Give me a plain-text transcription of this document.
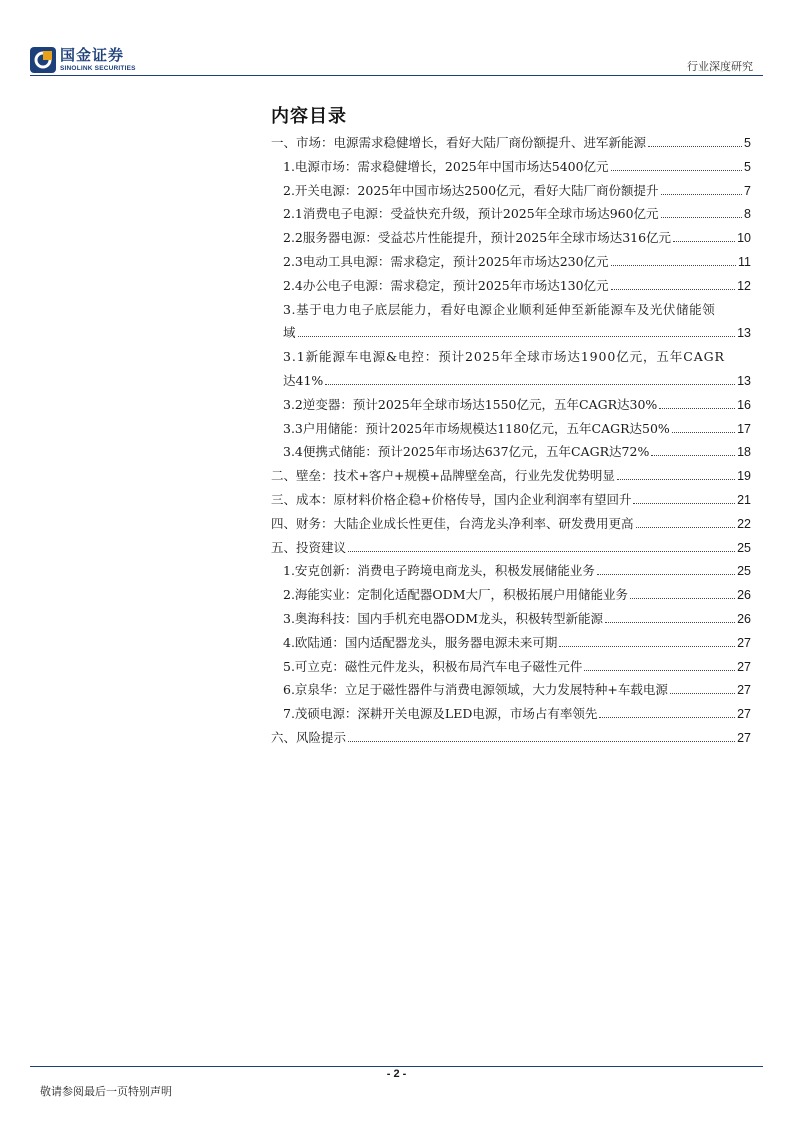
国金证券
SINOLINK SECURITIES	行业深度研究
内容目录
一、市场：电源需求稳健增长，看好大陆厂商份额提升、进军新能源	5
1.电源市场：需求稳健增长，2025年中国市场达5400亿元	5
2.开关电源：2025年中国市场达2500亿元，看好大陆厂商份额提升	7
2.1消费电子电源：受益快充升级，预计2025年全球市场达960亿元	8
2.2服务器电源：受益芯片性能提升，预计2025年全球市场达316亿元	10
2.3电动工具电源：需求稳定，预计2025年市场达230亿元	11
2.4办公电子电源：需求稳定，预计2025年市场达130亿元	12
3.基于电力电子底层能力，看好电源企业顺利延伸至新能源车及光伏储能领
域	13
3.1新能源车电源&电控：预计2025年全球市场达1900亿元，五年CAGR
达41%	13
3.2逆变器：预计2025年全球市场达1550亿元，五年CAGR达30%	16
3.3户用储能：预计2025年市场规模达1180亿元，五年CAGR达50%	17
3.4便携式储能：预计2025年市场达637亿元，五年CAGR达72%	18
二、壁垒：技术+客户+规模+品牌壁垒高，行业先发优势明显	19
三、成本：原材料价格企稳+价格传导，国内企业利润率有望回升	21
四、财务：大陆企业成长性更佳，台湾龙头净利率、研发费用更高	22
五、投资建议	25
1.安克创新：消费电子跨境电商龙头，积极发展储能业务	25
2.海能实业：定制化适配器ODM大厂，积极拓展户用储能业务	26
3.奥海科技：国内手机充电器ODM龙头，积极转型新能源	26
4.欧陆通：国内适配器龙头，服务器电源未来可期	27
5.可立克：磁性元件龙头，积极布局汽车电子磁性元件	27
6.京泉华：立足于磁性器件与消费电源领域，大力发展特种+车载电源	27
7.茂硕电源：深耕开关电源及LED电源，市场占有率领先	27
六、风险提示	27
- 2 -
敬请参阅最后一页特别声明
